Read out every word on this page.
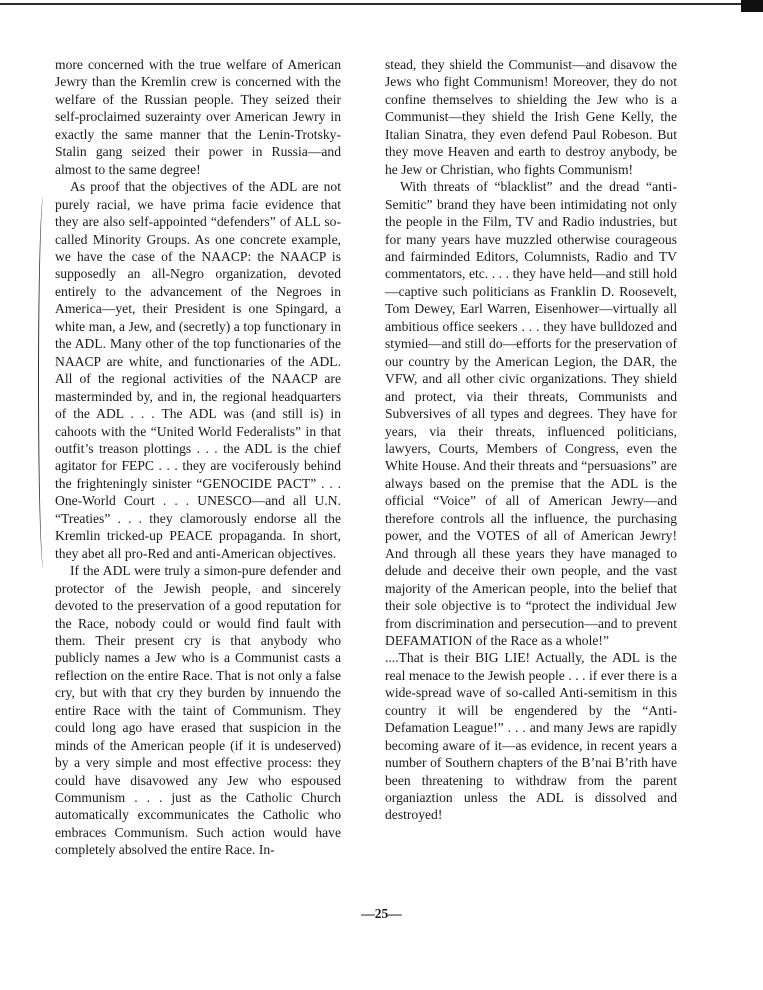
more concerned with the true welfare of American Jewry than the Kremlin crew is concerned with the welfare of the Russian people. They seized their self-proclaimed suzerainty over American Jewry in exactly the same manner that the Lenin-Trotsky-Stalin gang seized their power in Russia—and almost to the same degree!

As proof that the objectives of the ADL are not purely racial, we have prima facie evidence that they are also self-appointed “defenders” of ALL so-called Minority Groups. As one concrete example, we have the case of the NAACP: the NAACP is supposedly an all-Negro organization, devoted entirely to the advancement of the Negroes in America—yet, their President is one Spingard, a white man, a Jew, and (secretly) a top functionary in the ADL. Many other of the top functionaries of the NAACP are white, and functionaries of the ADL. All of the regional activities of the NAACP are masterminded by, and in, the regional headquarters of the ADL . . . The ADL was (and still is) in cahoots with the “United World Federalists” in that outfit’s treason plottings . . . the ADL is the chief agitator for FEPC . . . they are vociferously behind the frighteningly sinister “GENOCIDE PACT” . . . One-World Court . . . UNESCO—and all U.N. “Treaties” . . . they clamorously endorse all the Kremlin tricked-up PEACE propaganda. In short, they abet all pro-Red and anti-American objectives.

If the ADL were truly a simon-pure defender and protector of the Jewish people, and sincerely devoted to the preservation of a good reputation for the Race, nobody could or would find fault with them. Their present cry is that anybody who publicly names a Jew who is a Communist casts a reflection on the entire Race. That is not only a false cry, but with that cry they burden by innuendo the entire Race with the taint of Communism. They could long ago have erased that suspicion in the minds of the American people (if it is undeserved) by a very simple and most effective process: they could have disavowed any Jew who espoused Communism . . . just as the Catholic Church automatically excommunicates the Catholic who embraces Communism. Such action would have completely absolved the entire Race. In-

stead, they shield the Communist—and disavow the Jews who fight Communism! Moreover, they do not confine themselves to shielding the Jew who is a Communist—they shield the Irish Gene Kelly, the Italian Sinatra, they even defend Paul Robeson. But they move Heaven and earth to destroy anybody, be he Jew or Christian, who fights Communism!

With threats of “blacklist” and the dread “anti-Semitic” brand they have been intimidating not only the people in the Film, TV and Radio industries, but for many years have muzzled otherwise courageous and fairminded Editors, Columnists, Radio and TV commentators, etc. . . . they have held—and still hold—captive such politicians as Franklin D. Roosevelt, Tom Dewey, Earl Warren, Eisenhower—virtually all ambitious office seekers . . . they have bulldozed and stymied—and still do—efforts for the preservation of our country by the American Legion, the DAR, the VFW, and all other civic organizations. They shield and protect, via their threats, Communists and Subversives of all types and degrees. They have for years, via their threats, influenced politicians, lawyers, Courts, Members of Congress, even the White House. And their threats and “persuasions” are always based on the premise that the ADL is the official “Voice” of all of American Jewry—and therefore controls all the influence, the purchasing power, and the VOTES of all of American Jewry! And through all these years they have managed to delude and deceive their own people, and the vast majority of the American people, into the belief that their sole objective is to “protect the individual Jew from discrimination and persecution—and to prevent DEFAMATION of the Race as a whole!”

....That is their BIG LIE! Actually, the ADL is the real menace to the Jewish people . . . if ever there is a wide-spread wave of so-called Anti-semitism in this country it will be engendered by the “Anti-Defamation League!” . . . and many Jews are rapidly becoming aware of it—as evidence, in recent years a number of Southern chapters of the B’nai B’rith have been threatening to withdraw from the parent organiaztion unless the ADL is dissolved and destroyed!

—25—
